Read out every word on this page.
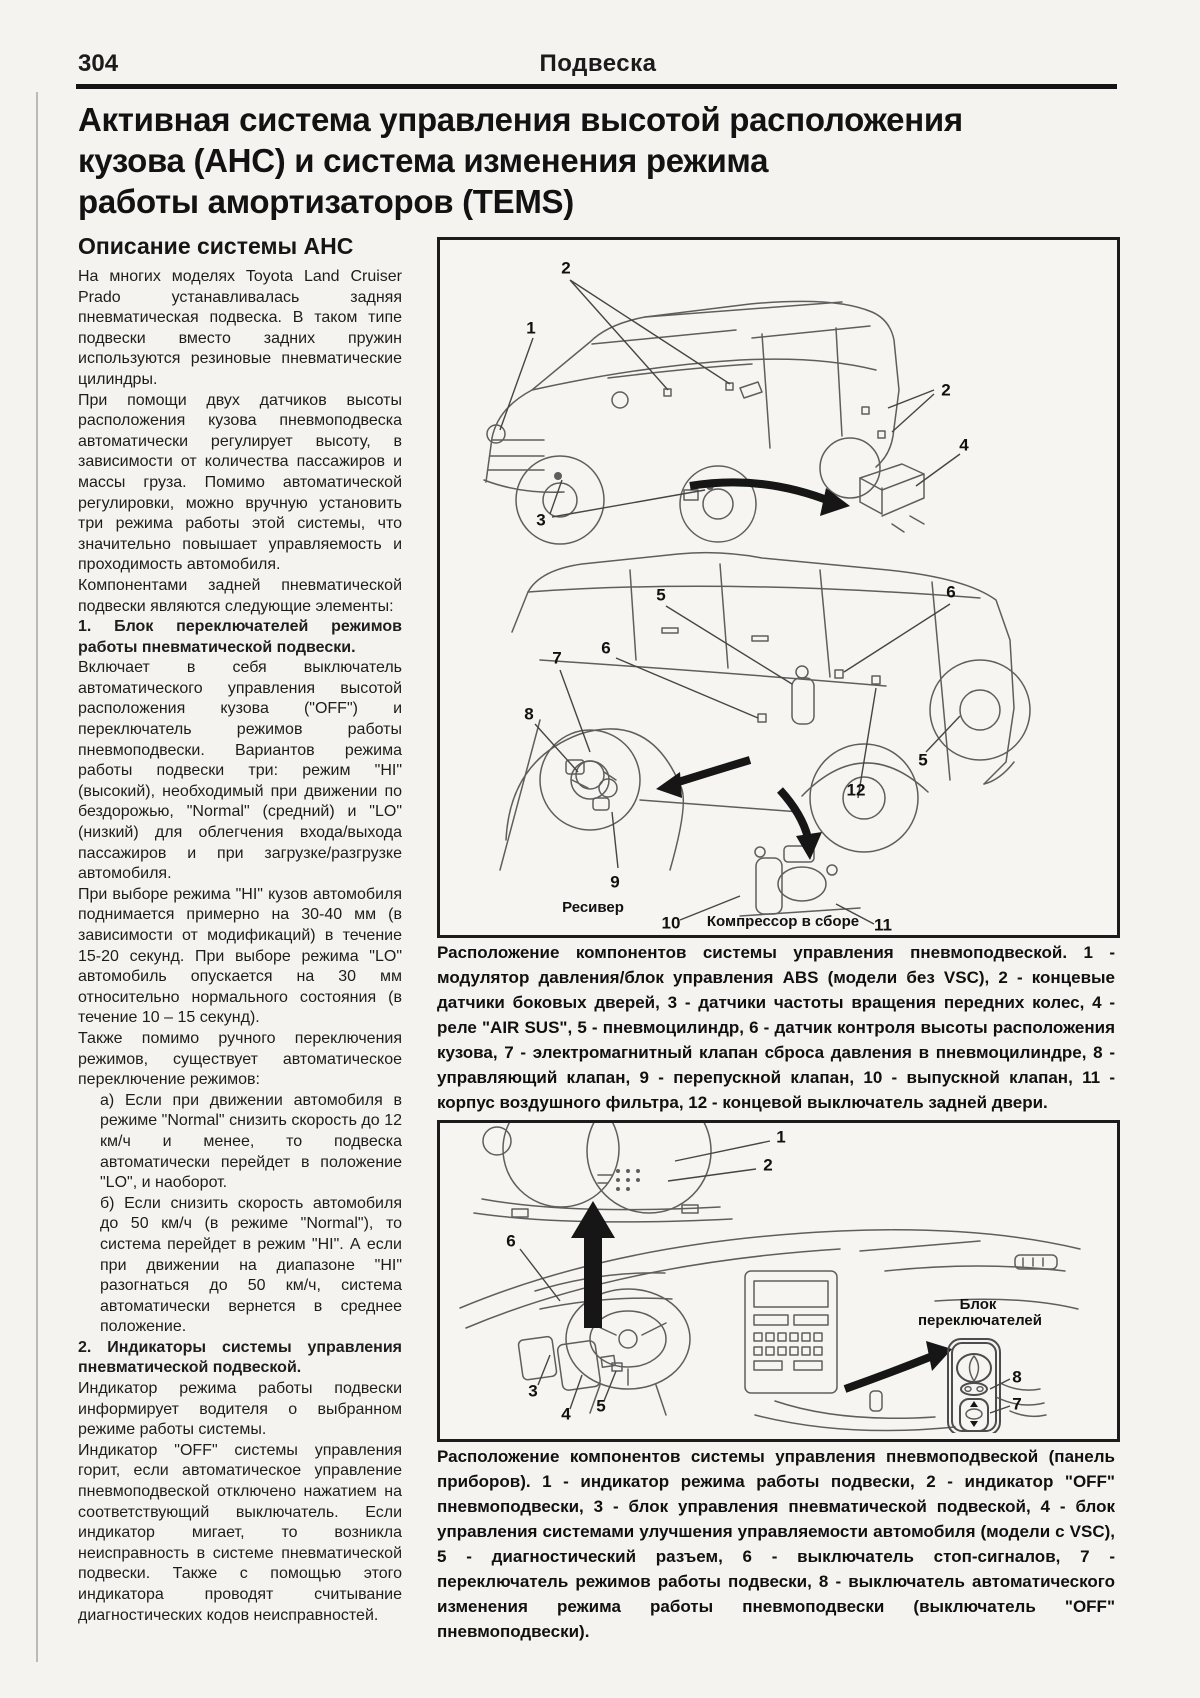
304	Подвеска
Активная система управления высотой расположения
кузова (АНС) и система изменения режима
работы амортизаторов (TEMS)
Описание системы АНС

На многих моделях Toyota Land Cruiser Prado устанавливалась задняя пневматическая подвеска. В таком типе подвески вместо задних пружин используются резиновые пневматические цилиндры.

При помощи двух датчиков высоты расположения кузова пневмоподвеска автоматически регулирует высоту, в зависимости от количества пассажиров и массы груза. Помимо автоматической регулировки, можно вручную установить три режима работы этой системы, что значительно повышает управляемость и проходимость автомобиля.

Компонентами задней пневматической подвески являются следующие элементы:

1. Блок переключателей режимов работы пневматической подвески.

Включает в себя выключатель автоматического управления высотой расположения кузова ("OFF") и переключатель режимов работы пневмоподвески. Вариантов режима работы подвески три: режим "HI" (высокий), необходимый при движении по бездорожью, "Normal" (средний) и "LO" (низкий) для облегчения входа/выхода пассажиров и при загрузке/разгрузке автомобиля.

При выборе режима "HI" кузов автомобиля поднимается примерно на 30-40 мм (в зависимости от модификаций) в течение 15-20 секунд. При выборе режима "LO" автомобиль опускается на 30 мм относительно нормального состояния (в течение 10 – 15 секунд).

Также помимо ручного переключения режимов, существует автоматическое переключение режимов:

а) Если при движении автомобиля в режиме "Normal" снизить скорость до 12 км/ч и менее, то подвеска автоматически перейдет в положение "LO", и наоборот.

б) Если снизить скорость автомобиля до 50 км/ч (в режиме "Normal"), то система перейдет в режим "HI". А если при движении на диапазоне "HI" разогнаться до 50 км/ч, система автоматически вернется в среднее положение.

2. Индикаторы системы управления пневматической подвеской.

Индикатор режима работы подвески информирует водителя о выбранном режиме работы системы.

Индикатор "OFF" системы управления горит, если автоматическое управление пневмоподвеской отключено нажатием на соответствующий выключатель. Если индикатор мигает, то возникла неисправность в системе пневматической подвески. Также с помощью этого индикатора проводят считывание диагностических кодов неисправностей.

Ресивер
Компрессор в сборе
2
1
2
3
4
5	6
6
7
8
9
10	11
12
5
Расположение компонентов системы управления пневмоподвеской. 1 - модулятор давления/блок управления ABS (модели без VSC), 2 - концевые датчики боковых дверей, 3 - датчики частоты вращения передних колес, 4 - реле "AIR SUS", 5 - пневмоцилиндр, 6 - датчик контроля высоты расположения кузова, 7 - электромагнитный клапан сброса давления в пневмоцилиндре, 8 - управляющий клапан, 9 - перепускной клапан, 10 - выпускной клапан, 11 - корпус воздушного фильтра, 12 - концевой выключатель задней двери.
Блок переключателей
1
2
6
3
4 5
8
7
Расположение компонентов системы управления пневмоподвеской (панель приборов). 1 - индикатор режима работы подвески, 2 - индикатор "OFF" пневмоподвески, 3 - блок управления пневматической подвеской, 4 - блок управления системами улучшения управляемости автомобиля (модели с VSC), 5 - диагностический разъем, 6 - выключатель стоп-сигналов, 7 - переключатель режимов работы подвески, 8 - выключатель автоматического изменения режима работы пневмоподвески (выключатель "OFF" пневмоподвески).
